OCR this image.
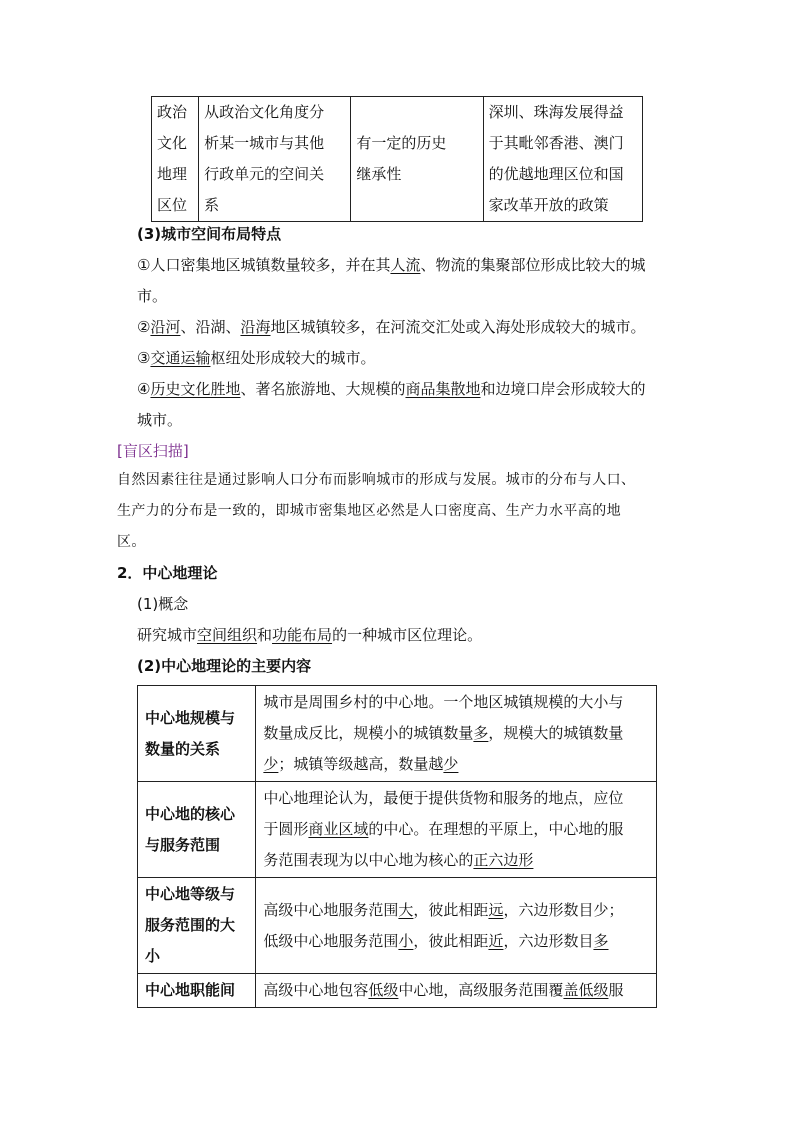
政治
文化
地理
区位	从政治文化角度分
析某一城市与其他
行政单元的空间关
系	有一定的历史
继承性	深圳、珠海发展得益
于其毗邻香港、澳门
的优越地理区位和国
家改革开放的政策
(3)城市空间布局特点
①人口密集地区城镇数量较多，并在其人流、物流的集聚部位形成比较大的城
市。
②沿河、沿湖、沿海地区城镇较多，在河流交汇处或入海处形成较大的城市。
③交通运输枢纽处形成较大的城市。
④历史文化胜地、著名旅游地、大规模的商品集散地和边境口岸会形成较大的
城市。
[盲区扫描]
自然因素往往是通过影响人口分布而影响城市的形成与发展。城市的分布与人口、
生产力的分布是一致的，即城市密集地区必然是人口密度高、生产力水平高的地
区。
2．中心地理论
(1)概念
研究城市空间组织和功能布局的一种城市区位理论。
(2)中心地理论的主要内容
中心地规模与
数量的关系	城市是周围乡村的中心地。一个地区城镇规模的大小与
数量成反比，规模小的城镇数量多，规模大的城镇数量
少；城镇等级越高，数量越少
中心地的核心
与服务范围	中心地理论认为，最便于提供货物和服务的地点，应位
于圆形商业区域的中心。在理想的平原上，中心地的服
务范围表现为以中心地为核心的正六边形
中心地等级与
服务范围的大
小	高级中心地服务范围大，彼此相距远，六边形数目少；
低级中心地服务范围小，彼此相距近，六边形数目多
中心地职能间	高级中心地包容低级中心地，高级服务范围覆盖低级服
